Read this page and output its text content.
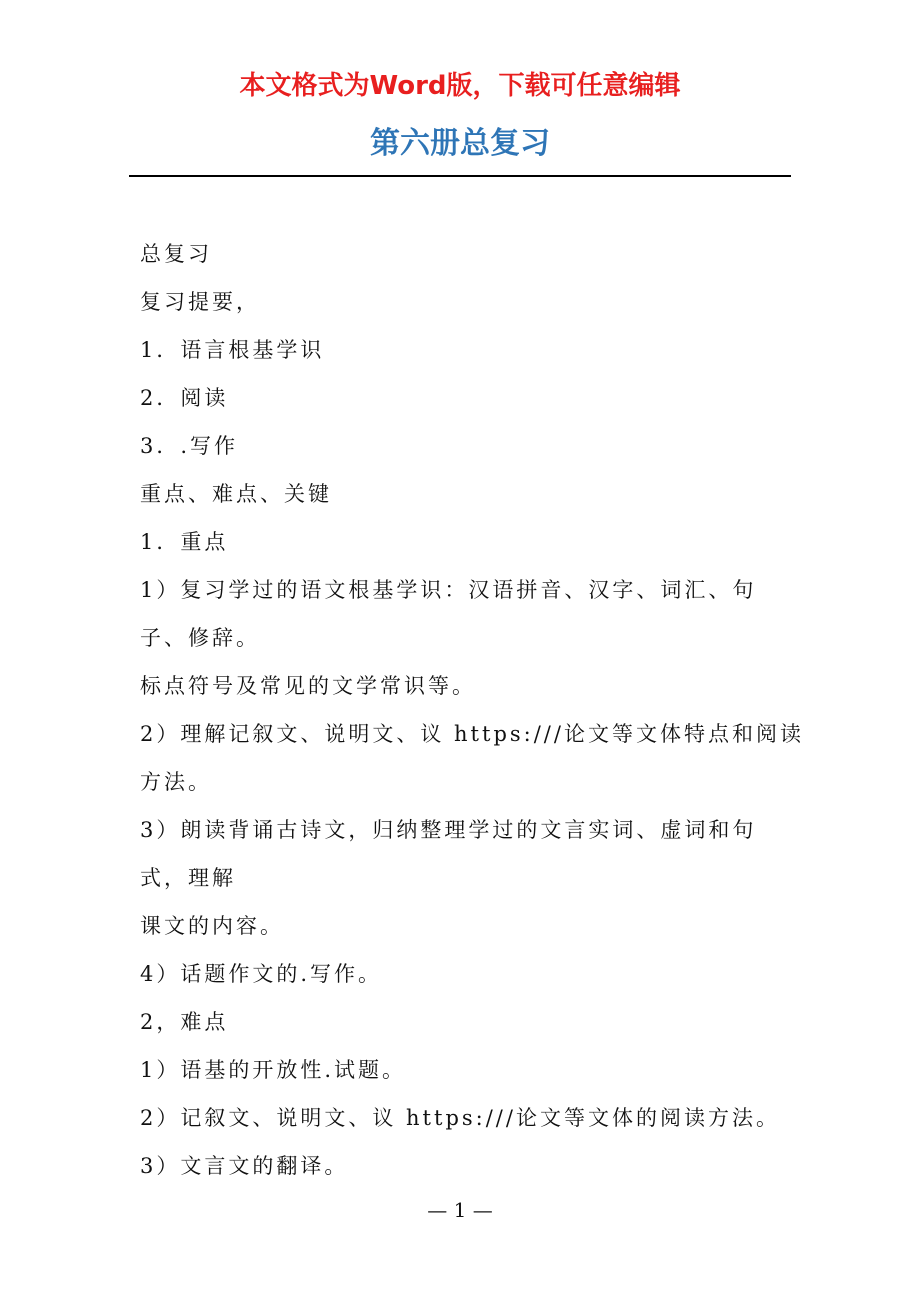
本文格式为Word版，下载可任意编辑
第六册总复习
总复习
复习提要，
1．语言根基学识
2．阅读
3．.写作
重点、难点、关键
1．重点
1）复习学过的语文根基学识：汉语拼音、汉字、词汇、句
子、修辞。
标点符号及常见的文学常识等。
2）理解记叙文、说明文、议 https:///论文等文体特点和阅读
方法。
3）朗读背诵古诗文，归纳整理学过的文言实词、虚词和句
式，理解
课文的内容。
4）话题作文的.写作。
2，难点
1）语基的开放性.试题。
2）记叙文、说明文、议 https:///论文等文体的阅读方法。
3）文言文的翻译。
— 1 —
